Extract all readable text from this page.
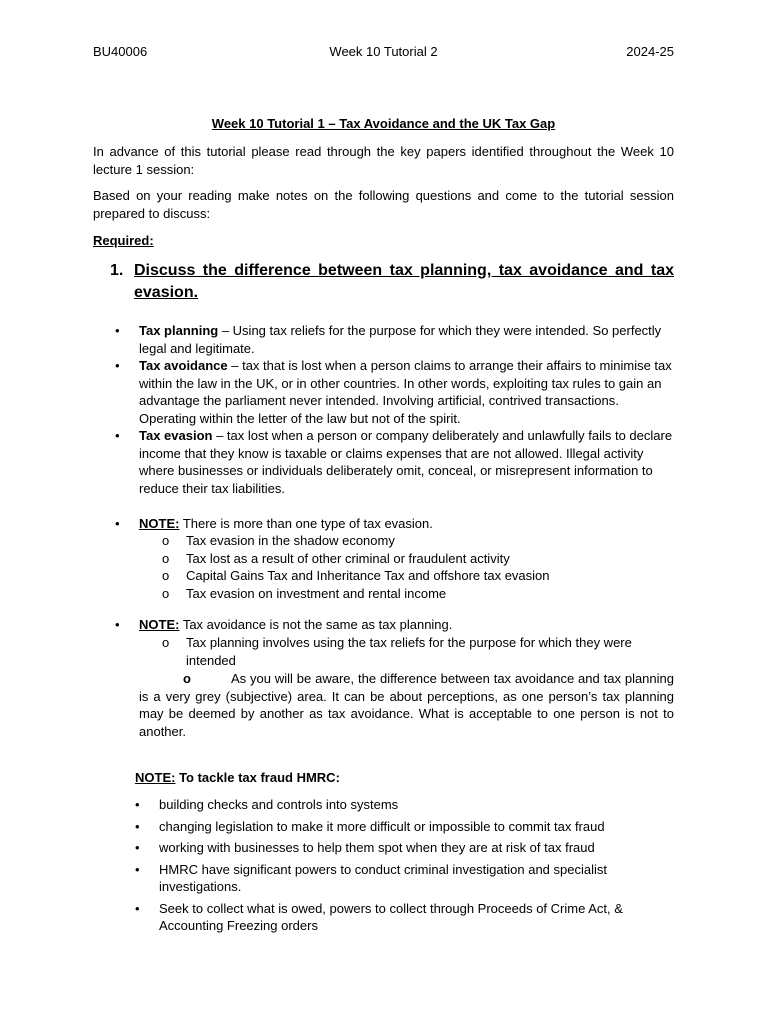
BU40006	Week 10 Tutorial 2	2024-25
Week 10 Tutorial 1 – Tax Avoidance and the UK Tax Gap
In advance of this tutorial please read through the key papers identified throughout the Week 10 lecture 1 session:
Based on your reading make notes on the following questions and come to the tutorial session prepared to discuss:
Required:
1. Discuss the difference between tax planning, tax avoidance and tax evasion.
• Tax planning – Using tax reliefs for the purpose for which they were intended. So perfectly legal and legitimate.
• Tax avoidance – tax that is lost when a person claims to arrange their affairs to minimise tax within the law in the UK, or in other countries. In other words, exploiting tax rules to gain an advantage the parliament never intended. Involving artificial, contrived transactions. Operating within the letter of the law but not of the spirit.
• Tax evasion – tax lost when a person or company deliberately and unlawfully fails to declare income that they know is taxable or claims expenses that are not allowed. Illegal activity where businesses or individuals deliberately omit, conceal, or misrepresent information to reduce their tax liabilities.
• NOTE: There is more than one type of tax evasion.
o Tax evasion in the shadow economy
o Tax lost as a result of other criminal or fraudulent activity
o Capital Gains Tax and Inheritance Tax and offshore tax evasion
o Tax evasion on investment and rental income
• NOTE: Tax avoidance is not the same as tax planning.
o Tax planning involves using the tax reliefs for the purpose for which they were intended
o	As you will be aware, the difference between tax avoidance and tax planning is a very grey (subjective) area. It can be about perceptions, as one person’s tax planning may be deemed by another as tax avoidance. What is acceptable to one person is not to another.
NOTE: To tackle tax fraud HMRC:
• building checks and controls into systems
• changing legislation to make it more difficult or impossible to commit tax fraud
• working with businesses to help them spot when they are at risk of tax fraud
• HMRC have significant powers to conduct criminal investigation and specialist investigations.
• Seek to collect what is owed, powers to collect through Proceeds of Crime Act, & Accounting Freezing orders
